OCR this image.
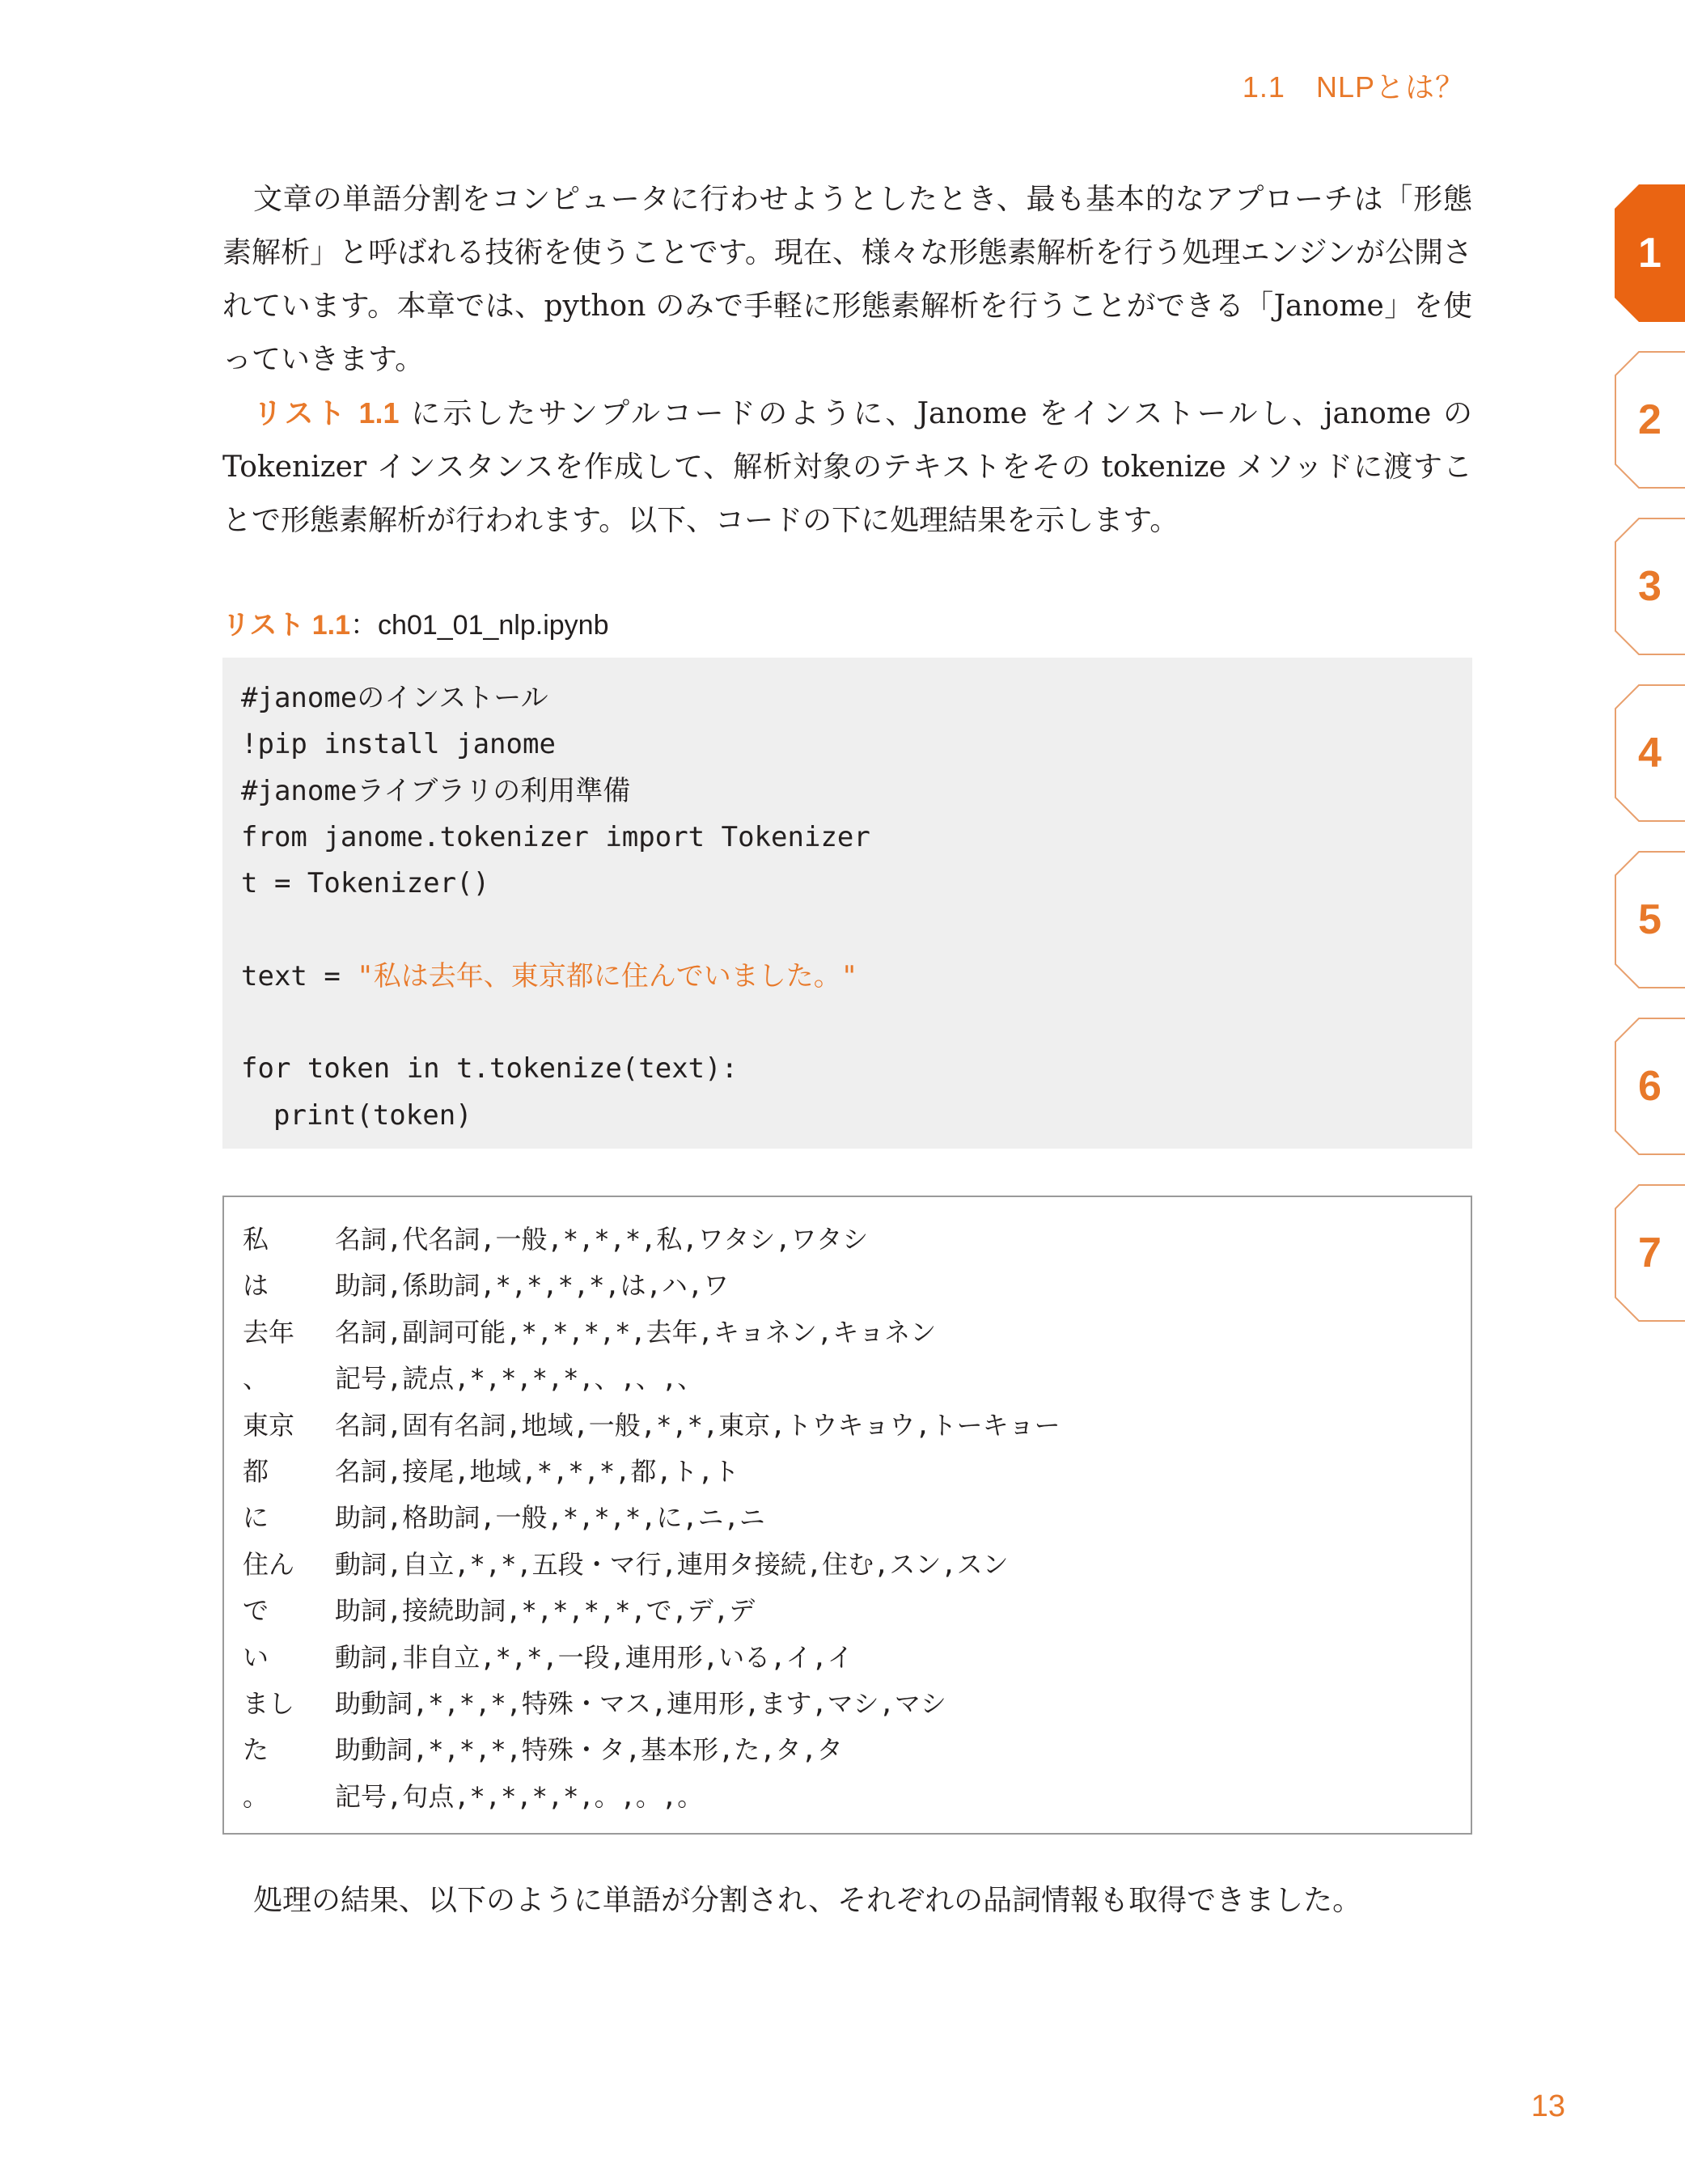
1.1 NLPとは？

文章の単語分割をコンピュータに行わせようとしたとき、最も基本的なアプローチは「形態素解析」と呼ばれる技術を使うことです。現在、様々な形態素解析を行う処理エンジンが公開されています。本章では、python のみで手軽に形態素解析を行うことができる「Janome」を使っていきます。

リスト 1.1 に示したサンプルコードのように、Janome をインストールし、janome の Tokenizer インスタンスを作成して、解析対象のテキストをその tokenize メソッドに渡すことで形態素解析が行われます。以下、コードの下に処理結果を示します。

リスト 1.1：ch01_01_nlp.ipynb
#janomeのインストール
!pip install janome
#janomeライブラリの利用準備
from janome.tokenizer import Tokenizer
t = Tokenizer()
text = "私は去年、東京都に住んでいました。"
for token in t.tokenize(text):
print(token)
私	名詞,代名詞,一般,*,*,*,私,ワタシ,ワタシ
は	助詞,係助詞,*,*,*,*,は,ハ,ワ
去年	名詞,副詞可能,*,*,*,*,去年,キョネン,キョネン
、	記号,読点,*,*,*,*,、,、,、
東京	名詞,固有名詞,地域,一般,*,*,東京,トウキョウ,トーキョー
都	名詞,接尾,地域,*,*,*,都,ト,ト
に	助詞,格助詞,一般,*,*,*,に,ニ,ニ
住ん	動詞,自立,*,*,五段・マ行,連用タ接続,住む,スン,スン
で	助詞,接続助詞,*,*,*,*,で,デ,デ
い	動詞,非自立,*,*,一段,連用形,いる,イ,イ
まし	助動詞,*,*,*,特殊・マス,連用形,ます,マシ,マシ
た	助動詞,*,*,*,特殊・タ,基本形,た,タ,タ
。	記号,句点,*,*,*,*,。,。,。

処理の結果、以下のように単語が分割され、それぞれの品詞情報も取得できました。

1
2
3
4
5
6
7
13
